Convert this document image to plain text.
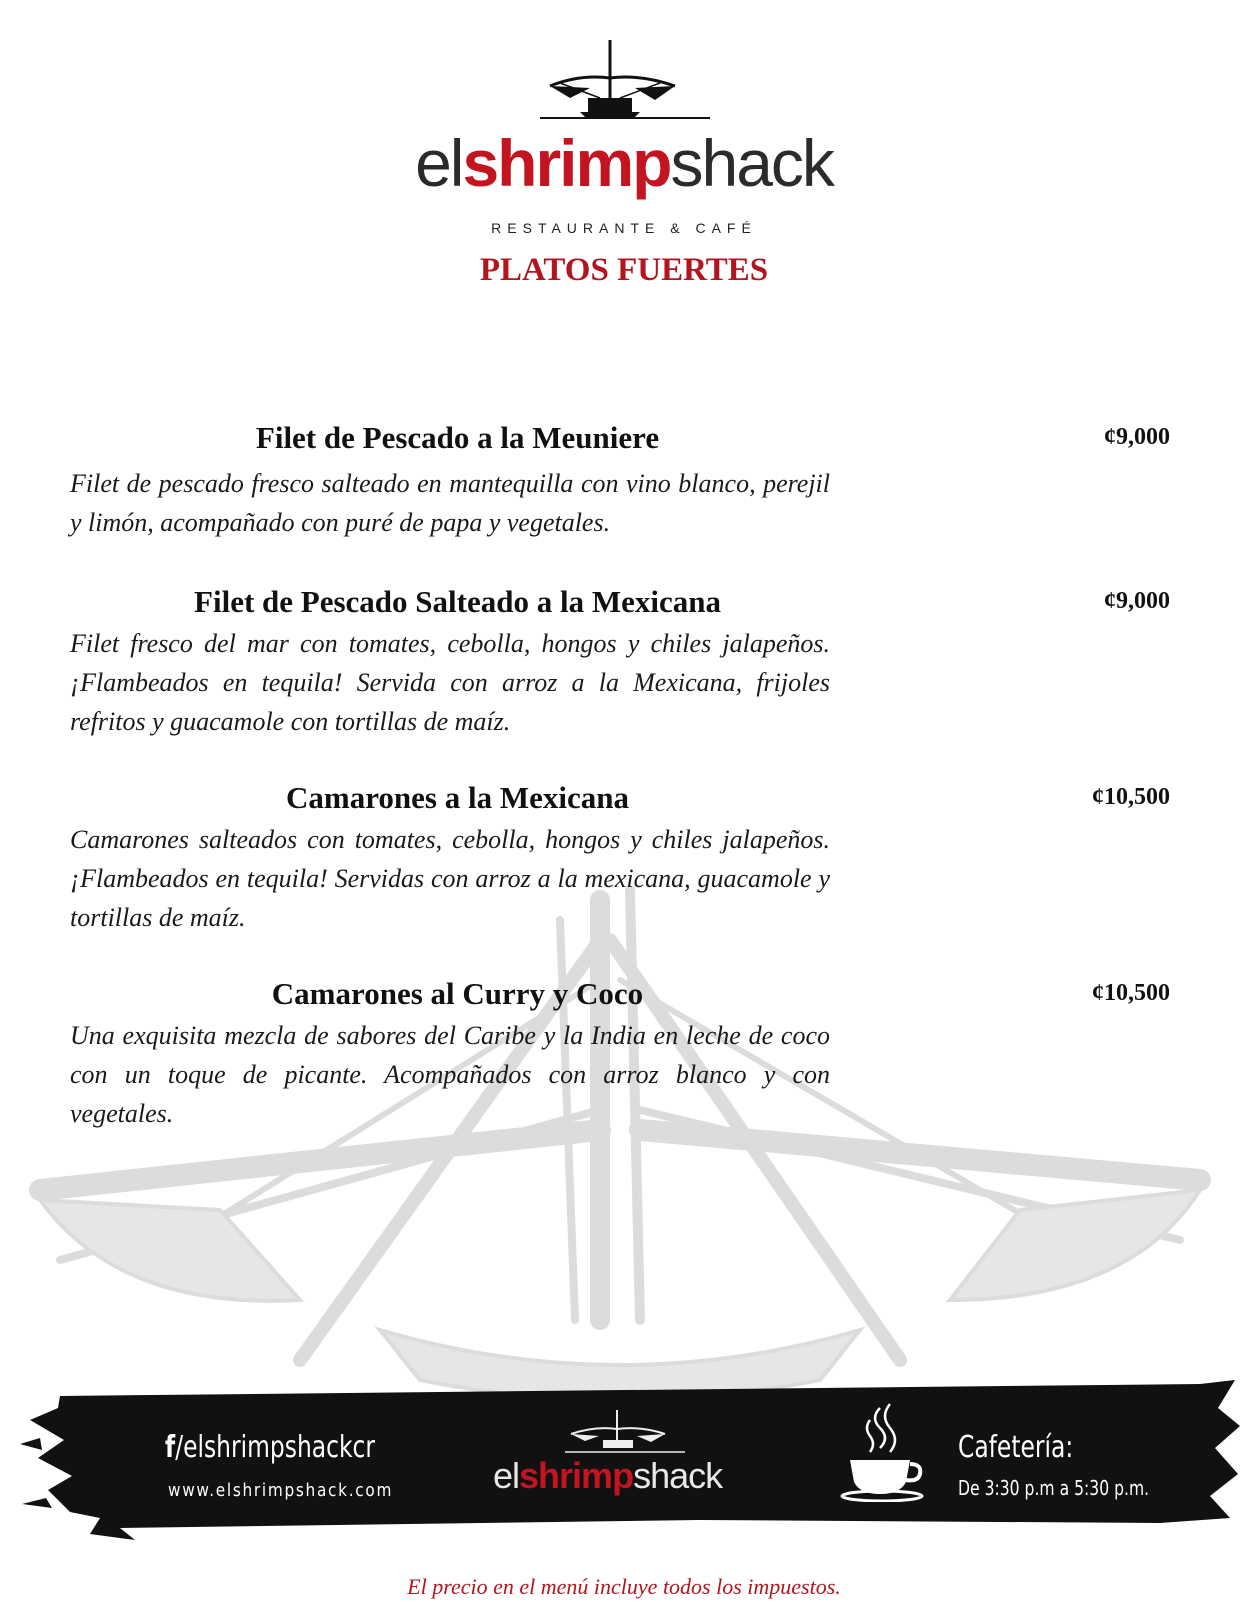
elshrimpshack
RESTAURANTE & CAFÉ
PLATOS FUERTES
Filet de Pescado a la Meuniere	¢9,000
Filet de pescado fresco salteado en mantequilla con vino blanco, perejil y limón, acompañado con puré de papa y vegetales.
Filet de Pescado Salteado a la Mexicana	¢9,000
Filet fresco del mar con tomates, cebolla, hongos y chiles jalapeños. ¡Flambeados en tequila! Servida con arroz a la Mexicana, frijoles refritos y guacamole con tortillas de maíz.
Camarones a la Mexicana	¢10,500
Camarones salteados con tomates, cebolla, hongos y chiles jalapeños. ¡Flambeados en tequila! Servidas con arroz a la mexicana, guacamole y tortillas de maíz.
Camarones al Curry y Coco	¢10,500
Una exquisita mezcla de sabores del Caribe y la India en leche de coco con un toque de picante. Acompañados con arroz blanco y con vegetales.
f/elshrimpshackcr
www.elshrimpshack.com	elshrimpshack
Cafetería:
De 3:30 p.m a 5:30 p.m.
El precio en el menú incluye todos los impuestos.
